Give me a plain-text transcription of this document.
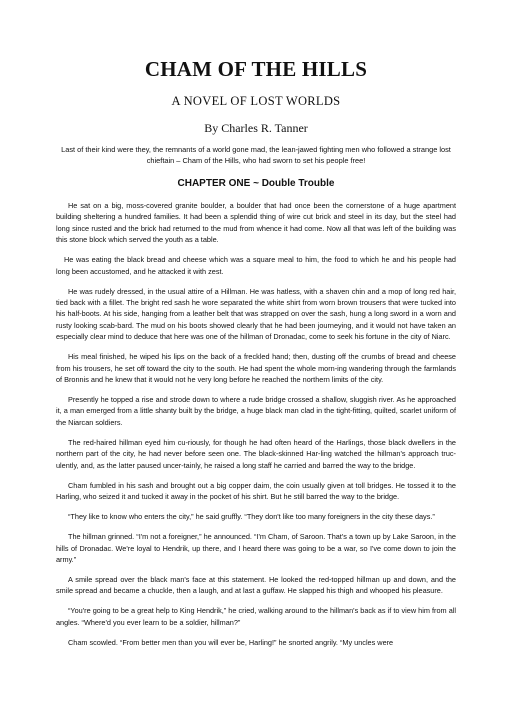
CHAM OF THE HILLS
A NOVEL OF LOST WORLDS
By Charles R. Tanner
Last of their kind were they, the remnants of a world gone mad, the lean-jawed fighting men who followed a strange lost chieftain – Cham of the Hills, who had sworn to set his people free!
CHAPTER ONE ~ Double Trouble

He sat on a big, moss-covered granite boulder, a boulder that had once been the cornerstone of a huge apartment building sheltering a hundred families. It had been a splendid thing of wire cut brick and steel in its day, but the steel had long since rusted and the brick had returned to the mud from whence it had come. Now all that was left of the building was this stone block which served the youth as a table.

He was eating the black bread and cheese which was a square meal to him, the food to which he and his people had long been accustomed, and he attacked it with zest.

He was rudely dressed, in the usual attire of a Hillman. He was hatless, with a shaven chin and a mop of long red hair, tied back with a fillet. The bright red sash he wore separated the white shirt from worn brown trousers that were tucked into his half-boots. At his side, hanging from a leather belt that was strapped on over the sash, hung a long sword in a worn and rusty looking scab-bard. The mud on his boots showed clearly that he had been journeying, and it would not have taken an especially clear mind to deduce that here was one of the hillman of Dronadac, come to seek his fortune in the city of Niarc.

His meal finished, he wiped his lips on the back of a freckled hand; then, dusting off the crumbs of bread and cheese from his trousers, he set off toward the city to the south. He had spent the whole morn-ing wandering through the farmlands of Bronnis and he knew that it would not he very long before he reached the northern limits of the city.

Presently he topped a rise and strode down to where a rude bridge crossed a shallow, sluggish river. As he approached it, a man emerged from a little shanty built by the bridge, a huge black man clad in the tight-fitting, quilted, scarlet uniform of the Niarcan soldiers.

The red-haired hillman eyed him cu-riously, for though he had often heard of the Harlings, those black dwellers in the northern part of the city, he had never before seen one. The black-skinned Har-ling watched the hillman's approach truc-ulently, and, as the latter paused uncer-tainly, he raised a long staff he carried and barred the way to the bridge.

Cham fumbled in his sash and brought out a big copper daim, the coin usually given at toll bridges. He tossed it to the Harling, who seized it and tucked it away in the pocket of his shirt. But he still barred the way to the bridge.

“They like to know who enters the city,” he said gruffly. “They don't like too many foreigners in the city these days.”

The hillman grinned. “I'm not a foreigner,” he announced. “I'm Cham, of Saroon. That's a town up by Lake Saroon, in the hills of Dronadac. We're loyal to Hendrik, up there, and I heard there was going to be a war, so I've come down to join the army.”

A smile spread over the black man's face at this statement. He looked the red-topped hillman up and down, and the smile spread and became a chuckle, then a laugh, and at last a guffaw. He slapped his thigh and whooped his pleasure.

“You're going to be a great help to King Hendrik,” he cried, walking around to the hillman's back as if to view him from all angles. “Where'd you ever learn to be a soldier, hillman?”

Cham scowled. “From better men than you will ever be, Harling!” he snorted angrily. “My uncles were
